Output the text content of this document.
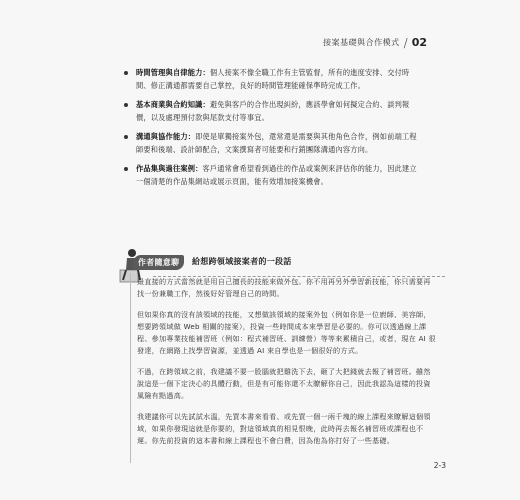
接案基礎與合作模式 / 02

時間管理與自律能力：個人接案不像全職工作有主管監督，所有的進度安排、交付時間、修正溝通都需要自己掌控，良好的時間管理能確保準時完成工作。

基本商業與合約知識：避免與客戶的合作出現糾紛，應該學會如何擬定合約、談判報價，以及處理預付款與尾款支付等事宜。

溝通與協作能力：即使是單獨接案外包，還常還是需要與其他角色合作，例如前端工程師要和後端、設計師配合，文案撰寫者可能要和行銷團隊溝通內容方向。

作品集與過往案例：客戶通常會希望看到過往的作品或案例來評估你的能力，因此建立一個清楚的作品集網站或展示頁面，能有效增加接案機會。

作者隨意聊	給想跨領域接案者的一段話

最直接的方式當然就是用自己擅長的技能來做外包。你不用再另外學習新技能，你只需要再找一份兼職工作，然後好好管理自己的時間。

但如果你真的沒有該領域的技能，又想做該領域的接案外包（例如你是一位廚師、美容師，想要跨領域做 Web 相關的接案），投資一些時間成本來學習是必要的。你可以透過線上課程、參加專業技能補習班（例如：程式補習班、訓練營）等等來累積自己，或者，現在 AI 很發達，在網路上找學習資源，並透過 AI 來自學也是一個很好的方式。

不過，在跨領域之前，我建議不要一股腦就把雞洗下去，砸了大把錢就去報了補習班。雖然說這是一個下定決心的具體行動，但是有可能你還不太瞭解你自己，因此我認為這樣的投資風險有點過高。

我建議你可以先試試水溫，先買本書來看看、或先買一個一兩千塊的線上課程來瞭解這個領域，如果你發現這就是你要的，對這領域真的相見恨晚，此時再去報名補習班或課程也不遲。你先前投資的這本書和線上課程也不會白費，因為他為你打好了一些基礎。

2-3
